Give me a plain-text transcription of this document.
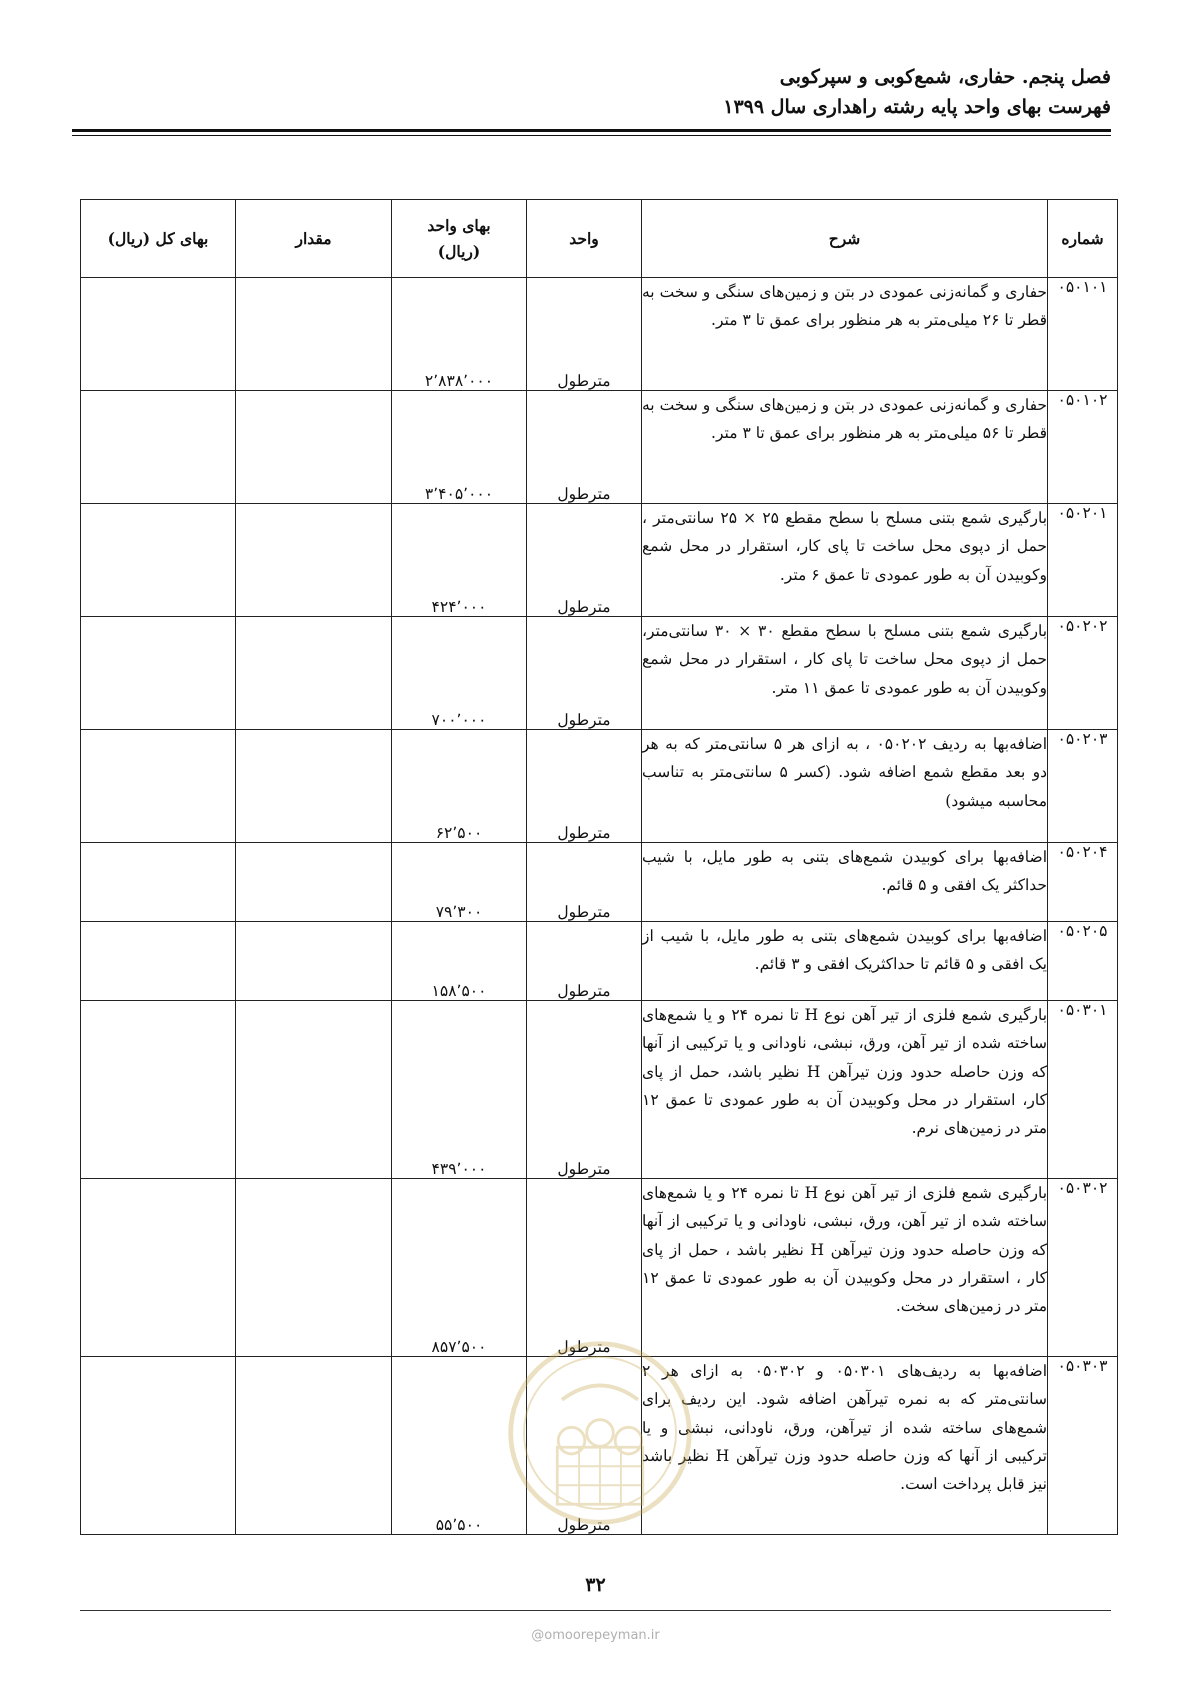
فصل پنجم. حفاری، شمع‌کوبی و سپرکوبی
فهرست بهای واحد پایه رشته راهداری سال ۱۳۹۹
شماره	شرح	واحد	بهای واحد
(ریال)	مقدار	بهای کل (ریال)
۰۵۰۱۰۱	حفاری و گمانه‌زنی عمودی در بتن و زمین‌های سنگی و سخت به قطر تا ۲۶ میلی‌متر به هر منظور برای عمق تا ۳ متر.	مترطول	۲٬۸۳۸٬۰۰۰		
۰۵۰۱۰۲	حفاری و گمانه‌زنی عمودی در بتن و زمین‌های سنگی و سخت به قطر تا ۵۶ میلی‌متر به هر منظور برای عمق تا ۳ متر.	مترطول	۳٬۴۰۵٬۰۰۰		
۰۵۰۲۰۱	بارگیری شمع بتنی مسلح با سطح مقطع ۲۵ × ۲۵ سانتی‌متر ، حمل از دپوی محل ساخت تا پای کار، استقرار در محل شمع وکوبیدن آن به طور عمودی تا عمق ۶ متر.	مترطول	۴۲۴٬۰۰۰		
۰۵۰۲۰۲	بارگیری شمع بتنی مسلح با سطح مقطع ۳۰ × ۳۰ سانتی‌متر، حمل از دپوی محل ساخت تا پای کار ، استقرار در محل شمع وکوبیدن آن به طور عمودی تا عمق ۱۱ متر.	مترطول	۷۰۰٬۰۰۰		
۰۵۰۲۰۳	اضافه‌بها به ردیف ۰۵۰۲۰۲ ، به ازای هر ۵ سانتی‌متر که به هر دو بعد مقطع شمع اضافه شود. (کسر ۵ سانتی‌متر به تناسب محاسبه میشود)	مترطول	۶۲٬۵۰۰		
۰۵۰۲۰۴	اضافه‌بها برای کوبیدن شمع‌های بتنی به طور مایل، با شیب حداکثر یک افقی و ۵ قائم.	مترطول	۷۹٬۳۰۰		
۰۵۰۲۰۵	اضافه‌بها برای کوبیدن شمع‌های بتنی به طور مایل، با شیب از یک افقی و ۵ قائم تا حداکثریک افقی و ۳ قائم.	مترطول	۱۵۸٬۵۰۰		
۰۵۰۳۰۱	بارگیری شمع فلزی از تیر آهن نوع H تا نمره ۲۴ و یا شمع‌های ساخته شده از تیر آهن، ورق، نبشی، ناودانی و یا ترکیبی از آنها که وزن حاصله حدود وزن تیرآهن H نظیر باشد، حمل از پای کار، استقرار در محل وکوبیدن آن به طور عمودی تا عمق ۱۲ متر در زمین‌های نرم.	مترطول	۴۳۹٬۰۰۰		
۰۵۰۳۰۲	بارگیری شمع فلزی از تیر آهن نوع H تا نمره ۲۴ و یا شمع‌های ساخته شده از تیر آهن، ورق، نبشی، ناودانی و یا ترکیبی از آنها که وزن حاصله حدود وزن تیرآهن H نظیر باشد ، حمل از پای کار ، استقرار در محل وکوبیدن آن به طور عمودی تا عمق ۱۲ متر در زمین‌های سخت.	مترطول	۸۵۷٬۵۰۰		
۰۵۰۳۰۳	اضافه‌بها به ردیف‌های ۰۵۰۳۰۱ و ۰۵۰۳۰۲ به ازای هر ۲ سانتی‌متر که به نمره تیرآهن اضافه شود. این ردیف برای شمع‌های ساخته شده از تیرآهن، ورق، ناودانی، نبشی و یا ترکیبی از آنها که وزن حاصله حدود وزن تیرآهن H نظیر باشد نیز قابل پرداخت است.	مترطول	۵۵٬۵۰۰		
۳۲
@omoorepeyman.ir
